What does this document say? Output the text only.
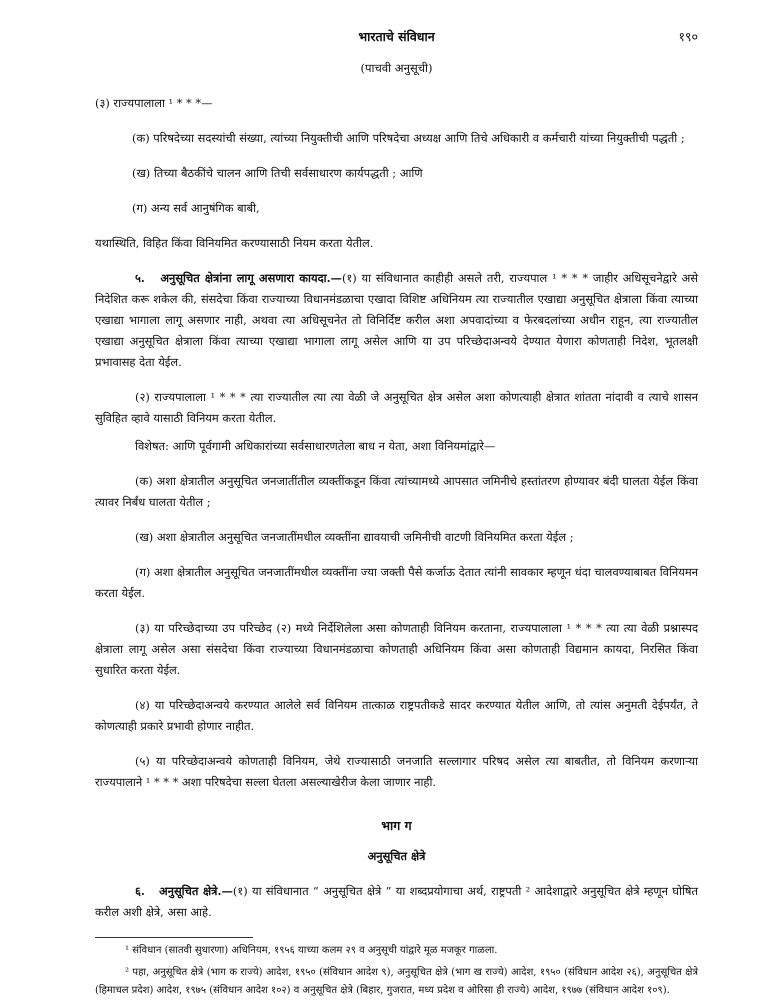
भारताचे संविधान	१९०
(पाचवी अनुसूची)

(३) राज्यपालाला ¹ * * *—

(क) परिषदेच्या सदस्यांची संख्या, त्यांच्या नियुक्तीची आणि परिषदेचा अध्यक्ष आणि तिचे अधिकारी व कर्मचारी यांच्या नियुक्तीची पद्धती ;

(ख) तिच्या बैठकींचे चालन आणि तिची सर्वसाधारण कार्यपद्धती ; आणि

(ग) अन्य सर्व आनुषंगिक बाबी,

यथास्थिति, विहित किंवा विनियमित करण्यासाठी नियम करता येतील.

५. अनुसूचित क्षेत्रांना लागू असणारा कायदा.—(१) या संविधानात काहीही असले तरी, राज्यपाल ¹ * * * जाहीर अधिसूचनेद्वारे असे निदेशित करू शकेल की, संसदेचा किंवा राज्याच्या विधानमंडळाचा एखादा विशिष्ट अधिनियम त्या राज्यातील एखाद्या अनुसूचित क्षेत्राला किंवा त्याच्या एखाद्या भागाला लागू असणार नाही, अथवा त्या अधिसूचनेत तो विनिर्दिष्ट करील अशा अपवादांच्या व फेरबदलांच्या अधीन राहून, त्या राज्यातील एखाद्या अनुसूचित क्षेत्राला किंवा त्याच्या एखाद्या भागाला लागू असेल आणि या उप परिच्छेदाअन्वये देण्यात येणारा कोणताही निदेश, भूतलक्षी प्रभावासह देता येईल.

(२) राज्यपालाला ¹ * * * त्या राज्यातील त्या त्या वेळी जे अनुसूचित क्षेत्र असेल अशा कोणत्याही क्षेत्रात शांतता नांदावी व त्याचे शासन सुविहित व्हावे यासाठी विनियम करता येतील.

विशेषत: आणि पूर्वगामी अधिकारांच्या सर्वसाधारणतेला बाध न येता, अशा विनियमांद्वारे—

(क) अशा क्षेत्रातील अनुसूचित जनजातींतील व्यक्तींकडून किंवा त्यांच्यामध्ये आपसात जमिनीचे हस्तांतरण होण्यावर बंदी घालता येईल किंवा त्यावर निर्बंध घालता येतील ;

(ख) अशा क्षेत्रातील अनुसूचित जनजातींमधील व्यक्तींना द्यावयाची जमिनीची वाटणी विनियमित करता येईल ;

(ग) अशा क्षेत्रातील अनुसूचित जनजातींमधील व्यक्तींना ज्या जक्ती पैसे कर्जाऊ देतात त्यांनी सावकार म्हणून धंदा चालवण्याबाबत विनियमन करता येईल.

(३) या परिच्छेदाच्या उप परिच्छेद (२) मध्ये निर्देशिलेला असा कोणताही विनियम करताना, राज्यपालाला ¹ * * * त्या त्या वेळी प्रश्नास्पद क्षेत्राला लागू असेल असा संसदेचा किंवा राज्याच्या विधानमंडळाचा कोणताही अधिनियम किंवा असा कोणताही विद्यमान कायदा, निरसित किंवा सुधारित करता येईल.

(४) या परिच्छेदाअन्वये करण्यात आलेले सर्व विनियम तात्काळ राष्ट्रपतीकडे सादर करण्यात येतील आणि, तो त्यांस अनुमती देईपर्यंत, ते कोणत्याही प्रकारे प्रभावी होणार नाहीत.

(५) या परिच्छेदाअन्वये कोणताही विनियम, जेथे राज्यासाठी जनजाति सल्लागार परिषद असेल त्या बाबतीत, तो विनियम करणाऱ्या राज्यपालाने ¹ * * * अशा परिषदेचा सल्ला घेतला असल्याखेरीज केला जाणार नाही.

भाग ग
अनुसूचित क्षेत्रे

६. अनुसूचित क्षेत्रे.—(१) या संविधानात “ अनुसूचित क्षेत्रे ” या शब्दप्रयोगाचा अर्थ, राष्ट्रपती ² आदेशाद्वारे अनुसूचित क्षेत्रे म्हणून घोषित करील अशी क्षेत्रे, असा आहे.

¹ संविधान (सातवी सुधारणा) अधिनियम, १९५६ याच्या कलम २९ व अनुसूची यांद्वारे मूळ मजकूर गाळला.

² पहा, अनुसूचित क्षेत्रे (भाग क राज्ये) आदेश, १९५० (संविधान आदेश ९), अनुसूचित क्षेत्रे (भाग ख राज्ये) आदेश, १९५० (संविधान आदेश २६), अनुसूचित क्षेत्रे (हिमाचल प्रदेश) आदेश, १९७५ (संविधान आदेश १०२) व अनुसूचित क्षेत्रे (बिहार, गुजरात, मध्य प्रदेश व ओरिसा ही राज्ये) आदेश, १९७७ (संविधान आदेश १०९).
